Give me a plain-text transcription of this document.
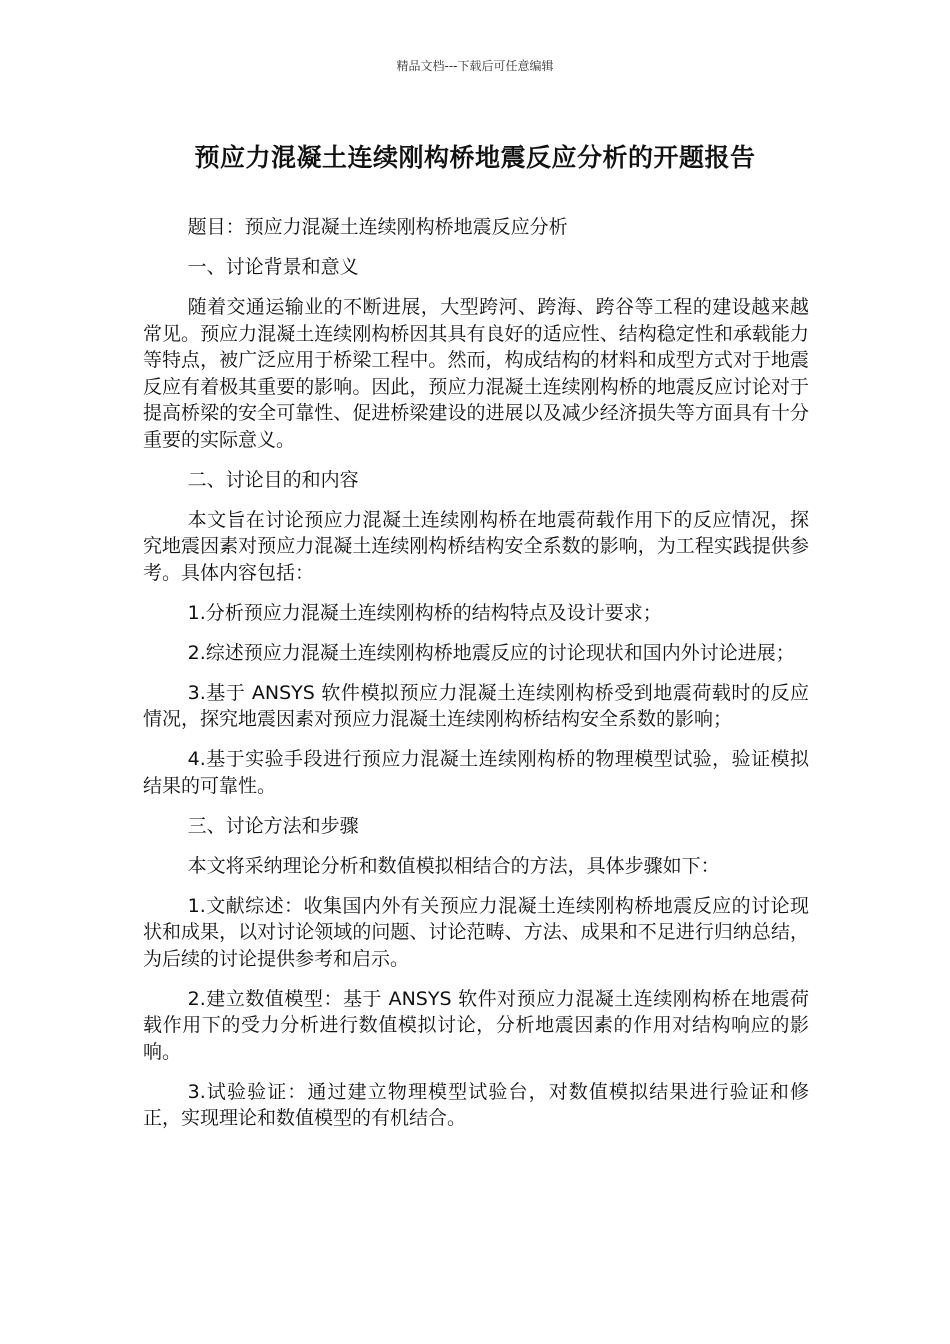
精品文档---下载后可任意编辑
预应力混凝土连续刚构桥地震反应分析的开题报告

题目：预应力混凝土连续刚构桥地震反应分析

一、讨论背景和意义

随着交通运输业的不断进展，大型跨河、跨海、跨谷等工程的建设越来越常见。预应力混凝土连续刚构桥因其具有良好的适应性、结构稳定性和承载能力等特点，被广泛应用于桥梁工程中。然而，构成结构的材料和成型方式对于地震反应有着极其重要的影响。因此，预应力混凝土连续刚构桥的地震反应讨论对于提高桥梁的安全可靠性、促进桥梁建设的进展以及减少经济损失等方面具有十分重要的实际意义。

二、讨论目的和内容

本文旨在讨论预应力混凝土连续刚构桥在地震荷载作用下的反应情况，探究地震因素对预应力混凝土连续刚构桥结构安全系数的影响，为工程实践提供参考。具体内容包括：

1.分析预应力混凝土连续刚构桥的结构特点及设计要求；

2.综述预应力混凝土连续刚构桥地震反应的讨论现状和国内外讨论进展；

3.基于 ANSYS 软件模拟预应力混凝土连续刚构桥受到地震荷载时的反应情况，探究地震因素对预应力混凝土连续刚构桥结构安全系数的影响；

4.基于实验手段进行预应力混凝土连续刚构桥的物理模型试验，验证模拟结果的可靠性。

三、讨论方法和步骤

本文将采纳理论分析和数值模拟相结合的方法，具体步骤如下：

1.文献综述：收集国内外有关预应力混凝土连续刚构桥地震反应的讨论现状和成果，以对讨论领域的问题、讨论范畴、方法、成果和不足进行归纳总结，为后续的讨论提供参考和启示。

2.建立数值模型：基于 ANSYS 软件对预应力混凝土连续刚构桥在地震荷载作用下的受力分析进行数值模拟讨论，分析地震因素的作用对结构响应的影响。

3.试验验证：通过建立物理模型试验台，对数值模拟结果进行验证和修正，实现理论和数值模型的有机结合。
